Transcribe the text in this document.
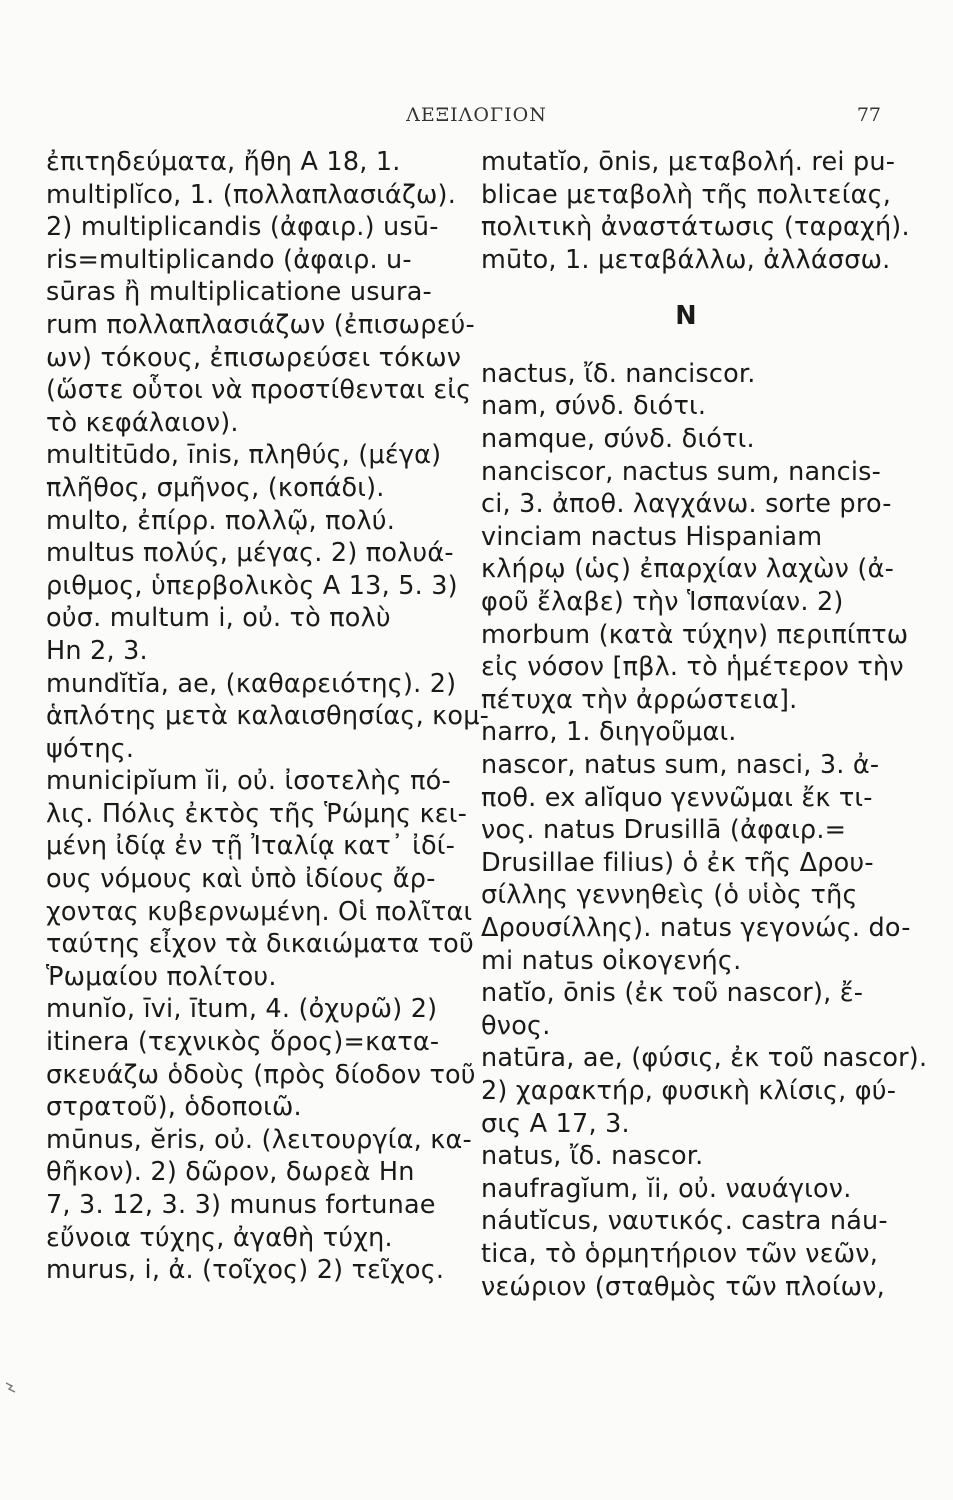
ΛΕΞΙΛΟΓΙΟΝ	77
ἐπιτηδεύματα, ἤθη Α 18, 1.
multiplĭco, 1. (πολλαπλασιάζω).
2) multiplicandis (ἀφαιρ.) usū-
ris=multiplicando (ἀφαιρ. u-
sūras ἢ multiplicatione usura-
rum πολλαπλασιάζων (ἐπισωρεύ-
ων) τόκους, ἐπισωρεύσει τόκων
(ὥστε οὗτοι νὰ προστίθενται εἰς
τὸ κεφάλαιον).
multitūdo, īnis, πληθύς, (μέγα)
πλῆθος, σμῆνος, (κοπάδι).
multo, ἐπίρρ. πολλῷ, πολύ.
multus πολύς, μέγας. 2) πολυά-
ριθμος, ὑπερβολικὸς Α 13, 5. 3)
οὐσ. multum i, οὐ. τὸ πολὺ
Hn 2, 3.
mundĭtĭa, ae, (καθαρειότης). 2)
ἁπλότης μετὰ καλαισθησίας, κομ-
ψότης.
municipĭum ĭi, οὐ. ἰσοτελὴς πό-
λις. Πόλις ἐκτὸς τῆς Ῥώμης κει-
μένη ἰδίᾳ ἐν τῇ Ἰταλίᾳ κατ᾽ ἰδί-
ους νόμους καὶ ὑπὸ ἰδίους ἄρ-
χοντας κυβερνωμένη. Οἱ πολῖται
ταύτης εἶχον τὰ δικαιώματα τοῦ
Ῥωμαίου πολίτου.
munĭo, īvi, ītum, 4. (ὀχυρῶ) 2)
itinera (τεχνικὸς ὅρος)=κατα-
σκευάζω ὁδοὺς (πρὸς δίοδον τοῦ
στρατοῦ), ὁδοποιῶ.
mūnus, ĕris, οὐ. (λειτουργία, κα-
θῆκον). 2) δῶρον, δωρεὰ Hn
7, 3. 12, 3. 3) munus fortunae
εὔνοια τύχης, ἀγαθὴ τύχη.
murus, i, ἀ. (τοῖχος) 2) τεῖχος.
mutatĭo, ōnis, μεταβολή. rei pu-
blicae μεταβολὴ τῆς πολιτείας,
πολιτικὴ ἀναστάτωσις (ταραχή).
mūto, 1. μεταβάλλω, ἀλλάσσω.
N
nactus, ἴδ. nanciscor.
nam, σύνδ. διότι.
namque, σύνδ. διότι.
nanciscor, nactus sum, nancis-
ci, 3. ἀποθ. λαγχάνω. sorte pro-
vinciam nactus Hispaniam
κλήρῳ (ὡς) ἐπαρχίαν λαχὼν (ἀ-
φοῦ ἔλαβε) τὴν Ἱσπανίαν. 2)
morbum (κατὰ τύχην) περιπίπτω
εἰς νόσον [πβλ. τὸ ἡμέτερον τὴν
πέτυχα τὴν ἀρρώστεια].
narro, 1. διηγοῦμαι.
nascor, natus sum, nasci, 3. ἀ-
ποθ. ex alĭquo γεννῶμαι ἔκ τι-
νος. natus Drusillā (ἀφαιρ.=
Drusillae filius) ὁ ἐκ τῆς Δρου-
σίλλης γεννηθεὶς (ὁ υἱὸς τῆς
Δρουσίλλης). natus γεγονώς. do-
mi natus οἰκογενής.
natĭo, ōnis (ἐκ τοῦ nascor), ἔ-
θνος.
natūra, ae, (φύσις, ἐκ τοῦ nascor).
2) χαρακτήρ, φυσικὴ κλίσις, φύ-
σις Α 17, 3.
natus, ἴδ. nascor.
naufragĭum, ĭi, οὐ. ναυάγιον.
náutĭcus, ναυτικός. castra náu-
tica, τὸ ὁρμητήριον τῶν νεῶν,
νεώριον (σταθμὸς τῶν πλοίων,
